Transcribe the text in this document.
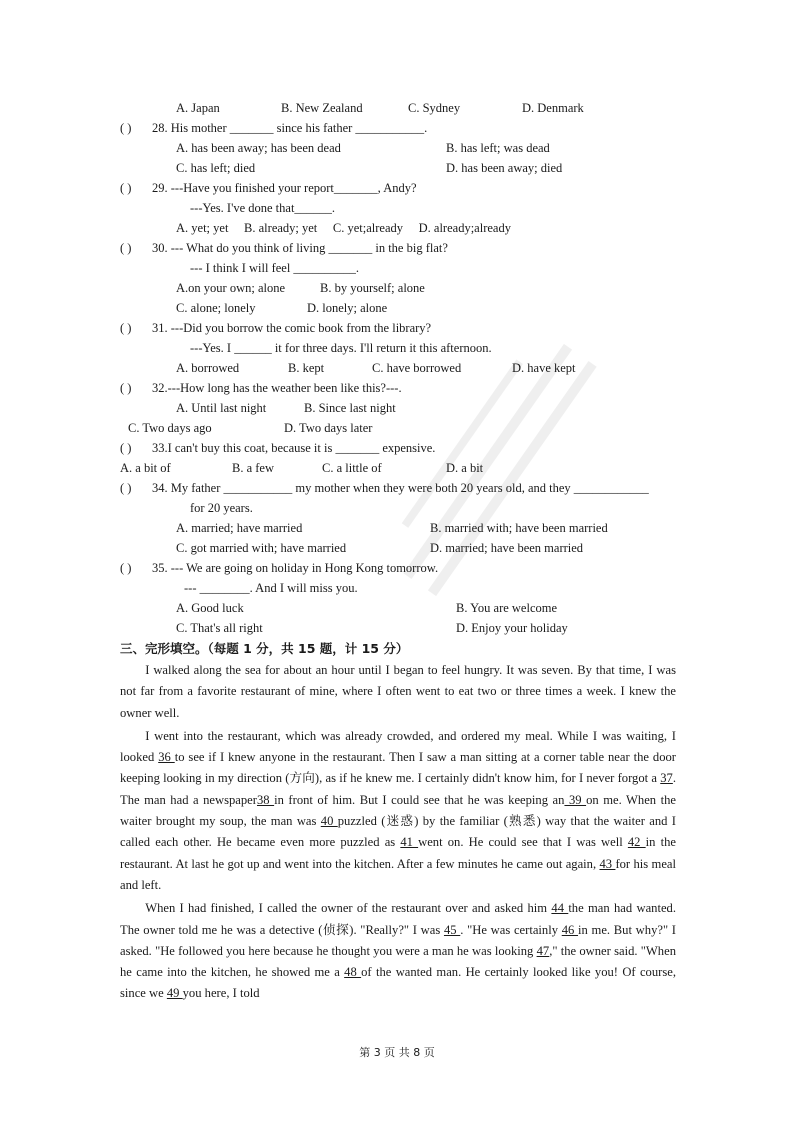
A. Japan	B. New Zealand	C. Sydney	D. Denmark
( ) 28. His mother _______ since his father ___________.
A. has been away; has been dead	B. has left; was dead
C. has left; died	D. has been away; died
( ) 29. ---Have you finished your report_______, Andy?
---Yes. I've done that______.
A. yet; yet     B. already; yet     C. yet;already     D. already;already
( ) 30. --- What do you think of living _______ in the big flat?
--- I think I will feel __________.
A.on your own; alone	B. by yourself; alone
C. alone; lonely	D. lonely; alone
( ) 31. ---Did you borrow the comic book from the library?
---Yes. I ______ it for three days. I'll return it this afternoon.
A. borrowed	B. kept	C. have borrowed	D. have kept
( ) 32.---How long has the weather been like this?---.
A. Until last night	B. Since last night
C. Two days ago	D. Two days later
( ) 33.I can't buy this coat, because it is _______ expensive.
A. a bit of	B. a few	C. a little of	D. a bit
( ) 34. My father ___________ my mother when they were both 20 years old, and they ____________
for 20 years.
A. married; have married	B. married with; have been married
C. got married with; have married	D. married; have been married
( ) 35. --- We are going on holiday in Hong Kong tomorrow.
--- ________. And I will miss you.
A. Good luck	B. You are welcome
C. That's all right	D. Enjoy your holiday
三、完形填空。（每题 1 分，共 15 题，计 15 分）

I walked along the sea for about an hour until I began to feel hungry. It was seven. By that time, I was not far from a favorite restaurant of mine, where I often went to eat two or three times a week. I knew the owner well.

I went into the restaurant, which was already crowded, and ordered my meal. While I was waiting, I looked 36 to see if I knew anyone in the restaurant. Then I saw a man sitting at a corner table near the door keeping looking in my direction (方向), as if he knew me. I certainly didn't know him, for I never forgot a 37. The man had a newspaper38 in front of him. But I could see that he was keeping an 39 on me. When the waiter brought my soup, the man was 40 puzzled (迷惑) by the familiar (熟悉) way that the waiter and I called each other. He became even more puzzled as 41 went on. He could see that I was well 42 in the restaurant. At last he got up and went into the kitchen. After a few minutes he came out again, 43 for his meal and left.

When I had finished, I called the owner of the restaurant over and asked him 44 the man had wanted. The owner told me he was a detective (侦探). "Really?" I was 45 . "He was certainly 46 in me. But why?" I asked. "He followed you here because he thought you were a man he was looking 47," the owner said. "When he came into the kitchen, he showed me a 48 of the wanted man. He certainly looked like you! Of course, since we 49 you here, I told

第 3 页 共 8 页
